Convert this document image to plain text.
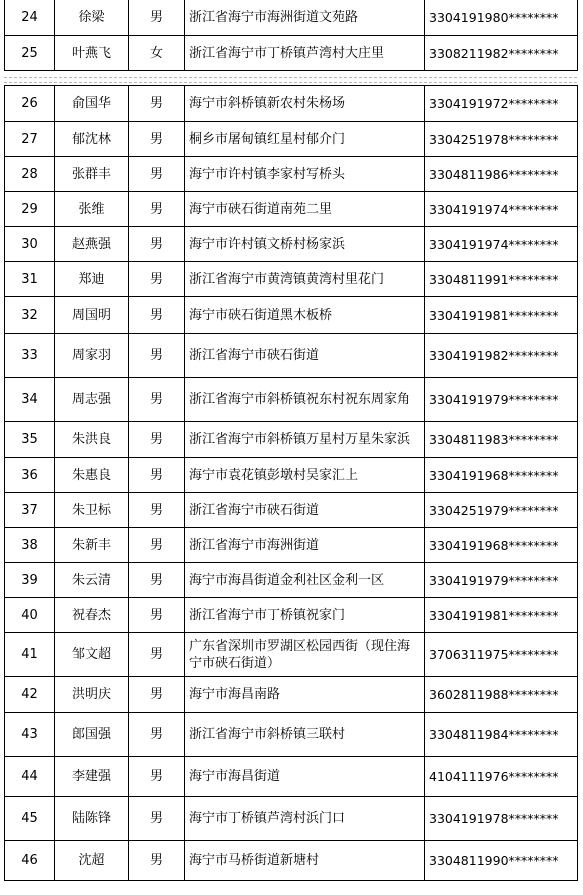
24	徐梁	男	浙江省海宁市海洲街道文苑路	3304191980********
25	叶燕飞	女	浙江省海宁市丁桥镇芦湾村大庄里	3308211982********
26	俞国华	男	海宁市斜桥镇新农村朱杨场	3304191972********
27	郁沈林	男	桐乡市屠甸镇红星村郁介门	3304251978********
28	张群丰	男	海宁市许村镇李家村写桥头	3304811986********
29	张维	男	海宁市硖石街道南苑二里	3304191974********
30	赵燕强	男	海宁市许村镇文桥村杨家浜	3304191974********
31	郑迪	男	浙江省海宁市黄湾镇黄湾村里花门	3304811991********
32	周国明	男	海宁市硖石街道黑木板桥	3304191981********
33	周家羽	男	浙江省海宁市硖石街道	3304191982********
34	周志强	男	浙江省海宁市斜桥镇祝东村祝东周家角	3304191979********
35	朱洪良	男	浙江省海宁市斜桥镇万星村万星朱家浜	3304811983********
36	朱惠良	男	海宁市袁花镇彭墩村吴家汇上	3304191968********
37	朱卫标	男	浙江省海宁市硖石街道	3304251979********
38	朱新丰	男	浙江省海宁市海洲街道	3304191968********
39	朱云清	男	海宁市海昌街道金利社区金利一区	3304191979********
40	祝春杰	男	浙江省海宁市丁桥镇祝家门	3304191981********
41	邹文超	男	广东省深圳市罗湖区松园西街（现住海宁市硖石街道）	3706311975********
42	洪明庆	男	海宁市海昌南路	3602811988********
43	郎国强	男	浙江省海宁市斜桥镇三联村	3304811984********
44	李建强	男	海宁市海昌街道	4104111976********
45	陆陈锋	男	海宁市丁桥镇芦湾村浜门口	3304191978********
46	沈超	男	海宁市马桥街道新塘村	3304811990********
